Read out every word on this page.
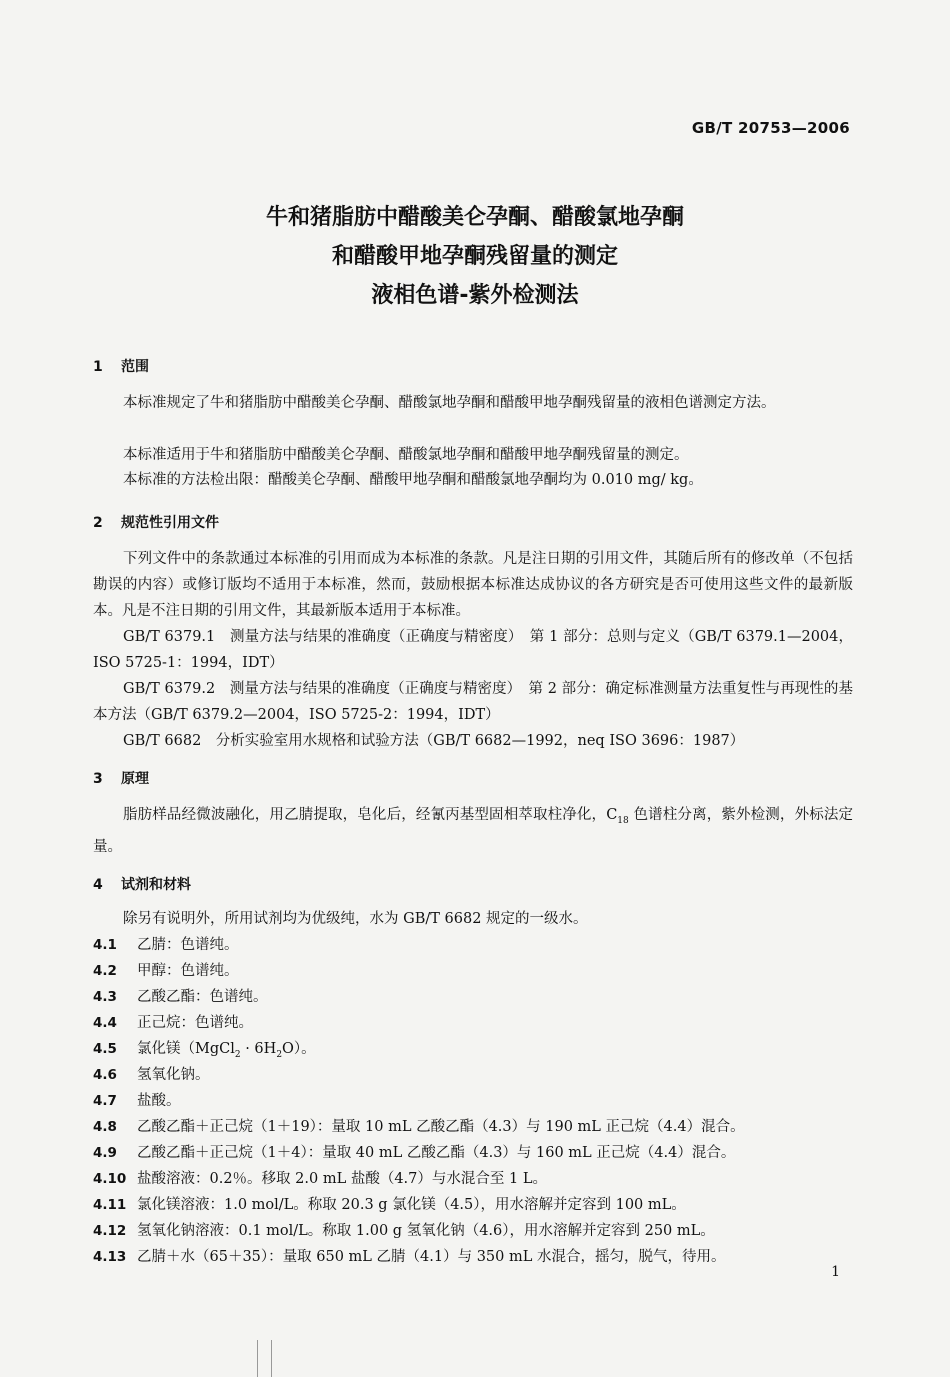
GB/T 20753—2006
牛和猪脂肪中醋酸美仑孕酮、醋酸氯地孕酮
和醋酸甲地孕酮残留量的测定
液相色谱-紫外检测法
1 范围
本标准规定了牛和猪脂肪中醋酸美仑孕酮、醋酸氯地孕酮和醋酸甲地孕酮残留量的液相色谱测定方法。
本标准适用于牛和猪脂肪中醋酸美仑孕酮、醋酸氯地孕酮和醋酸甲地孕酮残留量的测定。
本标准的方法检出限：醋酸美仑孕酮、醋酸甲地孕酮和醋酸氯地孕酮均为 0.010 mg/ kg。
2 规范性引用文件
下列文件中的条款通过本标准的引用而成为本标准的条款。凡是注日期的引用文件，其随后所有的修改单（不包括勘误的内容）或修订版均不适用于本标准，然而，鼓励根据本标准达成协议的各方研究是否可使用这些文件的最新版本。凡是不注日期的引用文件，其最新版本适用于本标准。
GB/T 6379.1　测量方法与结果的准确度（正确度与精密度）　第 1 部分：总则与定义（GB/T 6379.1—2004，ISO 5725-1：1994，IDT）
GB/T 6379.2　测量方法与结果的准确度（正确度与精密度）　第 2 部分：确定标准测量方法重复性与再现性的基本方法（GB/T 6379.2—2004，ISO 5725-2：1994，IDT）
GB/T 6682　分析实验室用水规格和试验方法（GB/T 6682—1992，neq ISO 3696：1987）
3 原理
脂肪样品经微波融化，用乙腈提取，皂化后，经氰丙基型固相萃取柱净化，$C_{18}$ 色谱柱分离，紫外检测，外标法定量。
4 试剂和材料
除另有说明外，所用试剂均为优级纯，水为 GB/T 6682 规定的一级水。
4.1 乙腈：色谱纯。
4.2 甲醇：色谱纯。
4.3 乙酸乙酯：色谱纯。
4.4 正己烷：色谱纯。
4.5 氯化镁（MgCl$_2$ · $6H_2O$）。
4.6 氢氧化钠。
4.7 盐酸。
4.8 乙酸乙酯＋正己烷（1＋19）：量取 10 mL 乙酸乙酯（4.3）与 190 mL 正己烷（4.4）混合。
4.9 乙酸乙酯＋正己烷（1＋4）：量取 40 mL 乙酸乙酯（4.3）与 160 mL 正己烷（4.4）混合。
4.10 盐酸溶液：0.2％。移取 2.0 mL 盐酸（4.7）与水混合至 1 L。
4.11 氯化镁溶液：1.0 mol/L。称取 20.3 g 氯化镁（4.5），用水溶解并定容到 100 mL。
4.12 氢氧化钠溶液：0.1 mol/L。称取 1.00 g 氢氧化钠（4.6），用水溶解并定容到 250 mL。
4.13 乙腈＋水（65＋35）：量取 650 mL 乙腈（4.1）与 350 mL 水混合，摇匀，脱气，待用。
1
